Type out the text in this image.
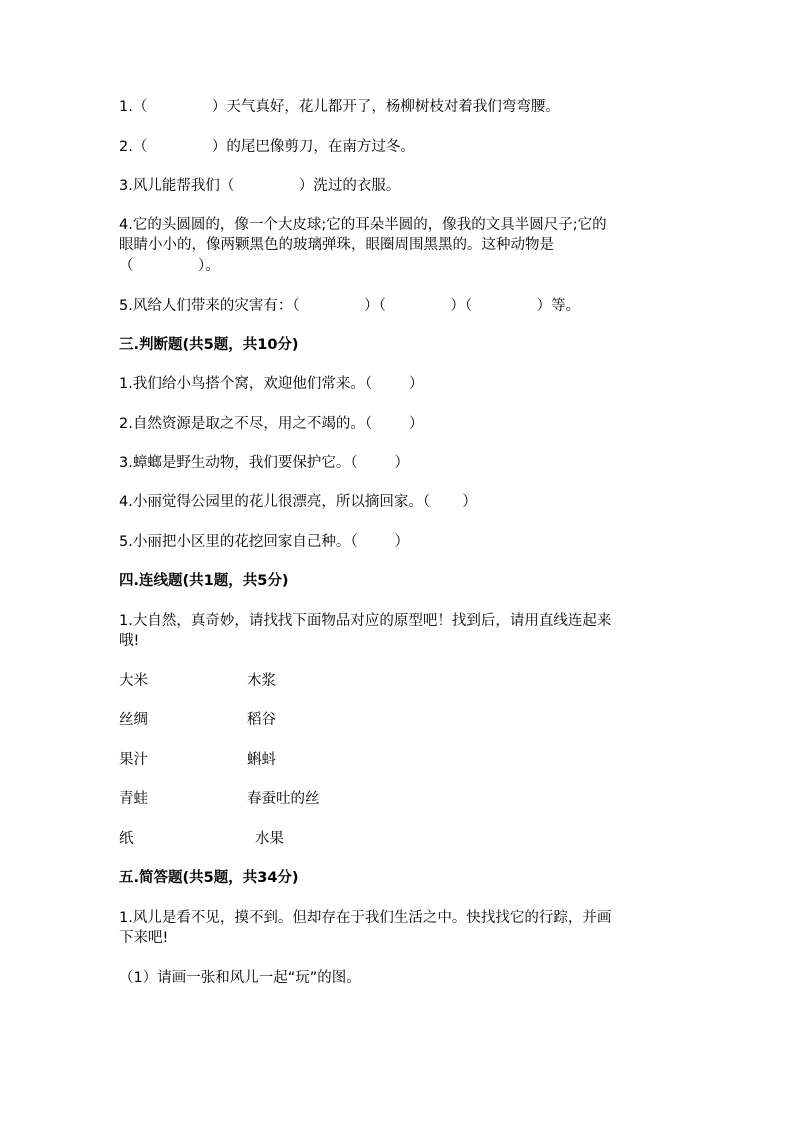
1.（              ）天气真好，花儿都开了，杨柳树枝对着我们弯弯腰。
2.（              ）的尾巴像剪刀，在南方过冬。
3.风儿能帮我们（              ）洗过的衣服。
4.它的头圆圆的，像一个大皮球;它的耳朵半圆的，像我的文具半圆尺子;它的
眼睛小小的，像两颗黑色的玻璃弹珠，眼圈周围黑黑的。这种动物是
（              ）。
5.风给人们带来的灾害有：（              ）（              ）（              ）等。
三.判断题(共5题，共10分)
1.我们给小鸟搭个窝，欢迎他们常来。（        ）
2.自然资源是取之不尽，用之不竭的。（        ）
3.蟑螂是野生动物，我们要保护它。（        ）
4.小丽觉得公园里的花儿很漂亮，所以摘回家。（       ）
5.小丽把小区里的花挖回家自己种。（        ）
四.连线题(共1题，共5分)
1.大自然，真奇妙，请找找下面物品对应的原型吧！找到后，请用直线连起来
哦!
大米	木浆
丝绸	稻谷
果汁	蝌蚪
青蛙	春蚕吐的丝
纸	水果
五.简答题(共5题，共34分)
1.风儿是看不见，摸不到。但却存在于我们生活之中。快找找它的行踪，并画
下来吧!
（1）请画一张和风儿一起“玩”的图。
